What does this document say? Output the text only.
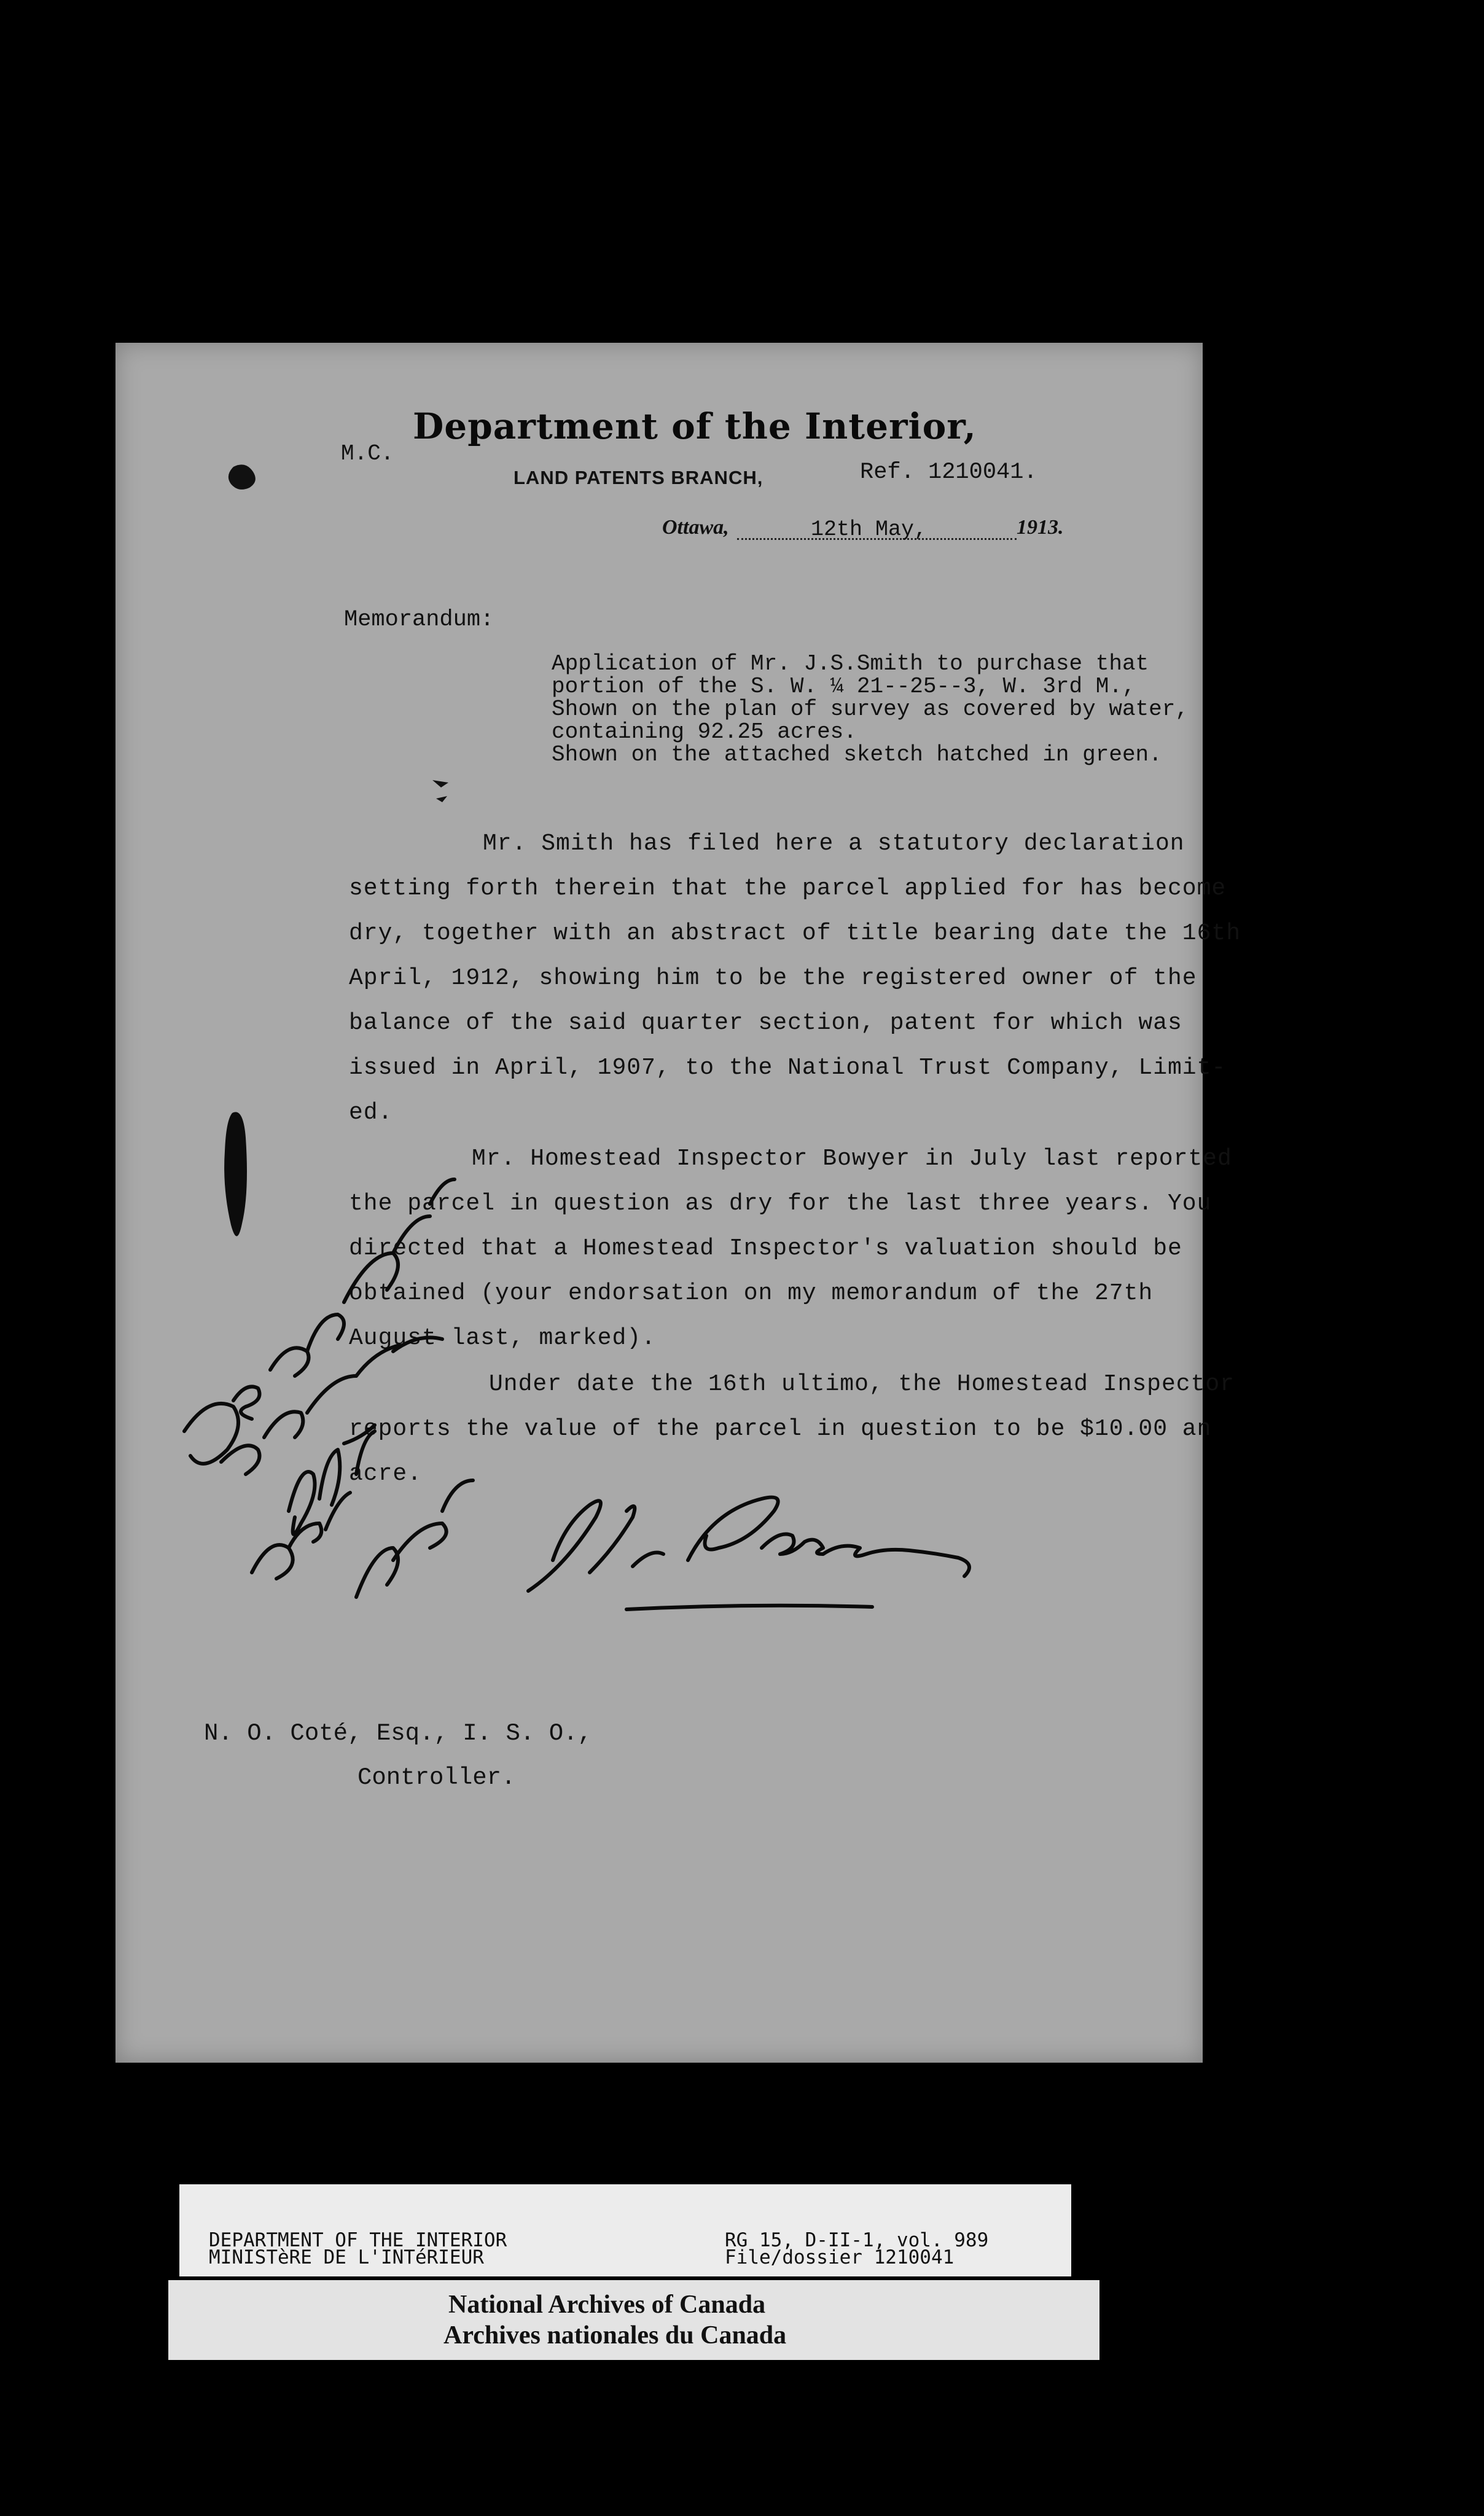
Department of the Interior,
M.C.
LAND PATENTS BRANCH,	Ref. 1210041.
Ottawa,	12th May,	1913.
Memorandum:
Application of Mr. J.S.Smith to purchase that
portion of the S. W. ¼ 21--25--3, W. 3rd M.,
Shown on the plan of survey as covered by water,
containing 92.25 acres.
Shown on the attached sketch hatched in green.
Mr. Smith has filed here a statutory declaration
setting forth therein that the parcel applied for has become
dry, together with an abstract of title bearing date the 16th
April, 1912, showing him to be the registered owner of the
balance of the said quarter section, patent for which was
issued in April, 1907, to the National Trust Company, Limit-
ed.
Mr. Homestead Inspector Bowyer in July last reported
the parcel in question as dry for the last three years. You
directed that a Homestead Inspector's valuation should be
obtained (your endorsation on my memorandum of the 27th
August last, marked).
Under date the 16th ultimo, the Homestead Inspector
reports the value of the parcel in question to be $10.00 an
acre.
N. O. Coté, Esq., I. S. O.,
Controller.
DEPARTMENT OF THE INTERIOR
MINISTèRE DE L'INTéRIEUR
RG 15, D-II-1, vol. 989
File/dossier 1210041
National Archives of Canada
Archives nationales du Canada
